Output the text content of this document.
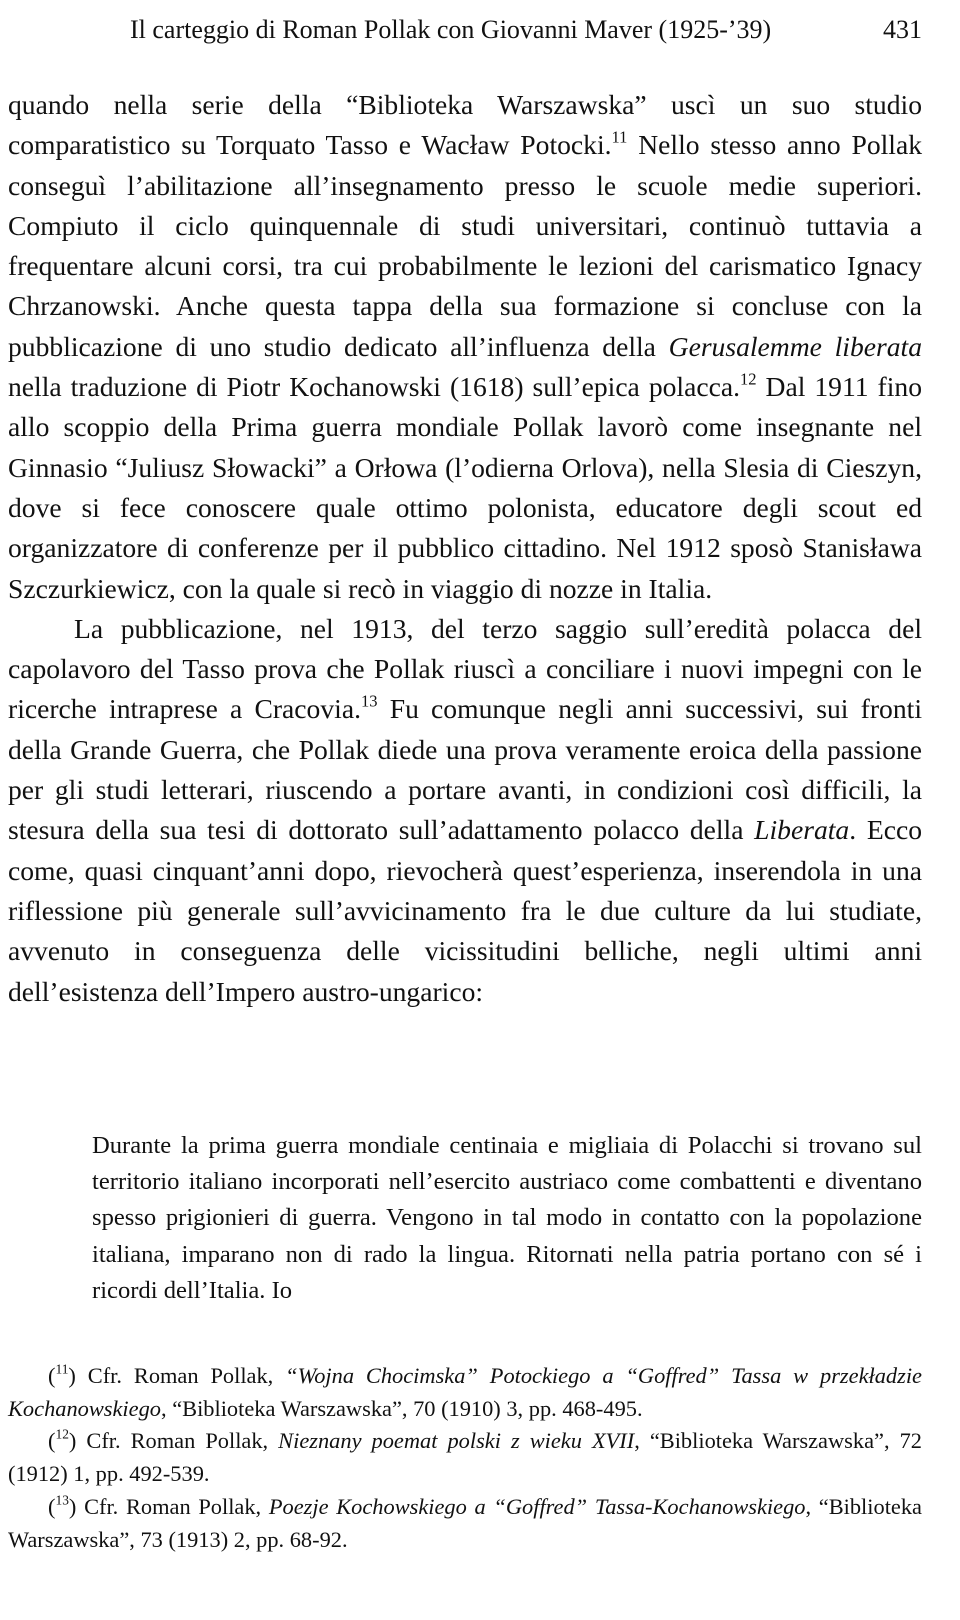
Il carteggio di Roman Pollak con Giovanni Maver (1925-’39)	431

quando nella serie della “Biblioteka Warszawska” uscì un suo studio comparatistico su Torquato Tasso e Wacław Potocki.$^{11}$ Nello stesso anno Pollak conseguì l’abilitazione all’insegnamento presso le scuole medie superiori. Compiuto il ciclo quinquennale di studi universitari, continuò tuttavia a frequentare alcuni corsi, tra cui probabilmente le lezioni del carismatico Ignacy Chrzanowski. Anche questa tappa della sua formazione si concluse con la pubblicazione di uno studio dedicato all’influenza della Gerusalemme liberata nella traduzione di Piotr Kochanowski (1618) sull’epica polacca.$^{12}$ Dal 1911 fino allo scoppio della Prima guerra mondiale Pollak lavorò come insegnante nel Ginnasio “Juliusz Słowacki” a Orłowa (l’odierna Orlova), nella Slesia di Cieszyn, dove si fece conoscere quale ottimo polonista, educatore degli scout ed organizzatore di conferenze per il pubblico cittadino. Nel 1912 sposò Stanisława Szczurkiewicz, con la quale si recò in viaggio di nozze in Italia.

La pubblicazione, nel 1913, del terzo saggio sull’eredità polacca del capolavoro del Tasso prova che Pollak riuscì a conciliare i nuovi impegni con le ricerche intraprese a Cracovia.$^{13}$ Fu comunque negli anni successivi, sui fronti della Grande Guerra, che Pollak diede una prova veramente eroica della passione per gli studi letterari, riuscendo a portare avanti, in condizioni così difficili, la stesura della sua tesi di dottorato sull’adattamento polacco della Liberata. Ecco come, quasi cinquant’anni dopo, rievocherà quest’esperienza, inserendola in una riflessione più generale sull’avvicinamento fra le due culture da lui studiate, avvenuto in conseguenza delle vicissitudini belliche, negli ultimi anni dell’esistenza dell’Impero austro-ungarico:

Durante la prima guerra mondiale centinaia e migliaia di Polacchi si trovano sul territorio italiano incorporati nell’esercito austriaco come combattenti e diventano spesso prigionieri di guerra. Vengono in tal modo in contatto con la popolazione italiana, imparano non di rado la lingua. Ritornati nella patria portano con sé i ricordi dell’Italia. Io

($^{11}$) Cfr. Roman Pollak, “Wojna Chocimska” Potockiego a “Goffred” Tassa w przekładzie Kochanowskiego, “Biblioteka Warszawska”, 70 (1910) 3, pp. 468-495.

($^{12}$) Cfr. Roman Pollak, Nieznany poemat polski z wieku XVII, “Biblioteka Warszawska”, 72 (1912) 1, pp. 492-539.

($^{13}$) Cfr. Roman Pollak, Poezje Kochowskiego a “Goffred” Tassa-Kochanowskiego, “Biblioteka Warszawska”, 73 (1913) 2, pp. 68-92.
